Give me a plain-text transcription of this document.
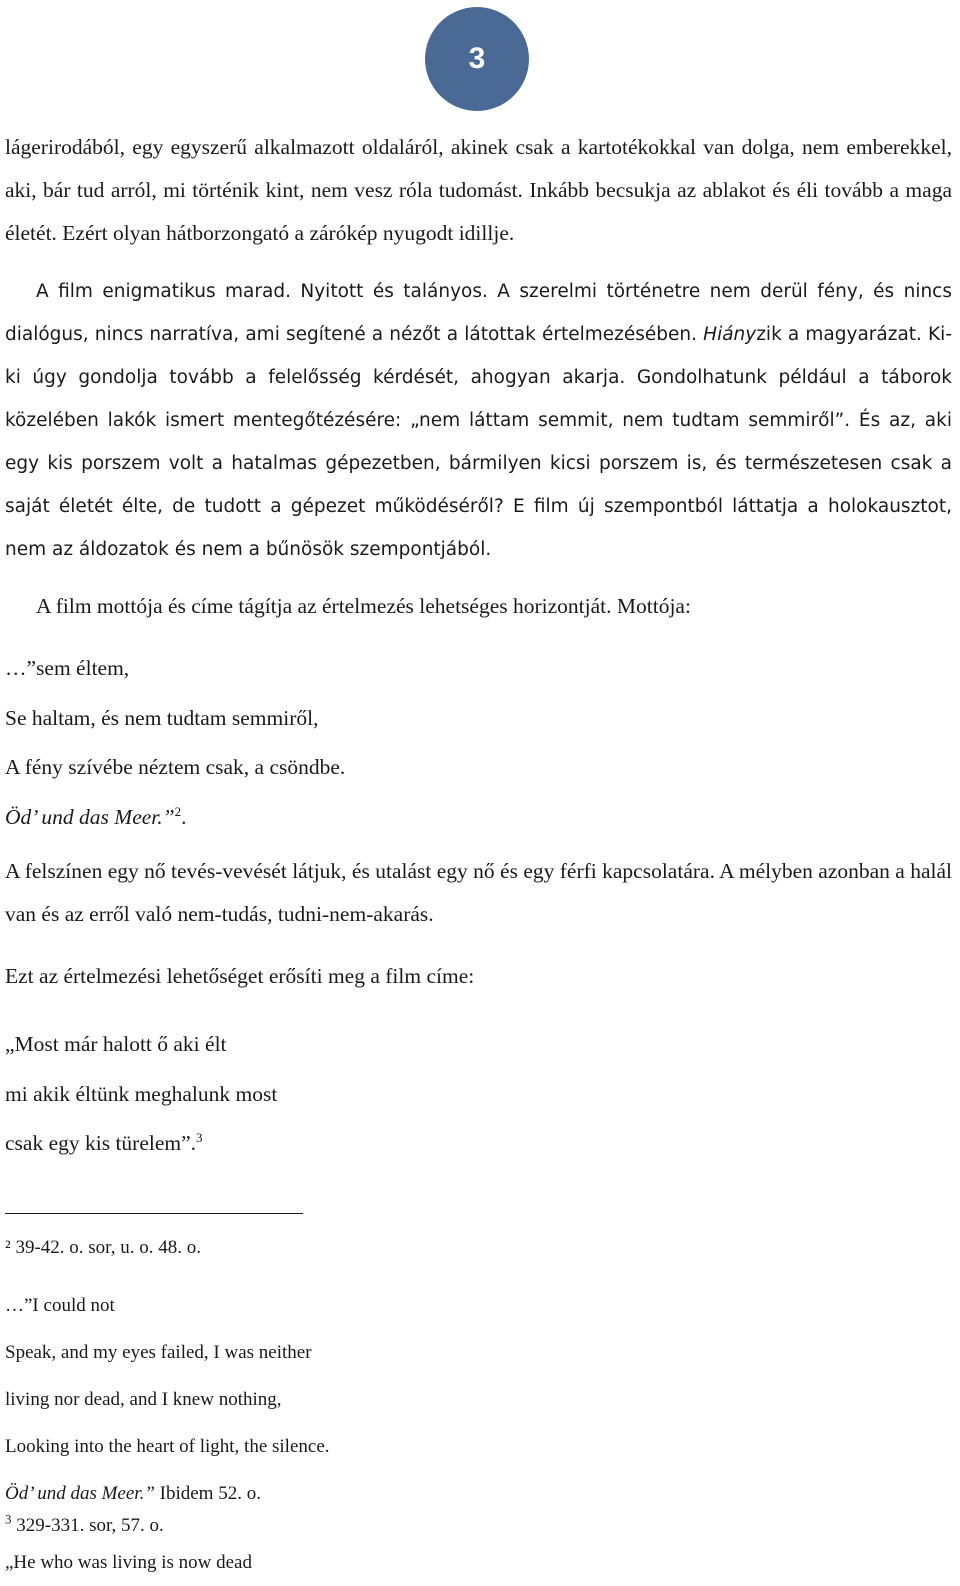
3

lágerirodából, egy egyszerű alkalmazott oldaláról, akinek csak a kartotékokkal van dolga, nem emberekkel, aki, bár tud arról, mi történik kint, nem vesz róla tudomást. Inkább becsukja az ablakot és éli tovább a maga életét. Ezért olyan hátborzongató a zárókép nyugodt idillje.

A film enigmatikus marad. Nyitott és talányos. A szerelmi történetre nem derül fény, és nincs dialógus, nincs narratíva, ami segítené a nézőt a látottak értelmezésében. Hiányzik a magyarázat. Ki-ki úgy gondolja tovább a felelősség kérdését, ahogyan akarja. Gondolhatunk például a táborok közelében lakók ismert mentegőtézésére: „nem láttam semmit, nem tudtam semmiről”. És az, aki egy kis porszem volt a hatalmas gépezetben, bármilyen kicsi porszem is, és természetesen csak a saját életét élte, de tudott a gépezet működéséről? E film új szempontból láttatja a holokausztot, nem az áldozatok és nem a bűnösök szempontjából.

A film mottója és címe tágítja az értelmezés lehetséges horizontját. Mottója:

…”sem éltem,

Se haltam, és nem tudtam semmiről,

A fény szívébe néztem csak, a csöndbe.

Öd’ und das Meer.”$^2$.

A felszínen egy nő tevés-vevését látjuk, és utalást egy nő és egy férfi kapcsolatára. A mélyben azonban a halál van és az erről való nem-tudás, tudni-nem-akarás.

Ezt az értelmezési lehetőséget erősíti meg a film címe:

„Most már halott ő aki élt

mi akik éltünk meghalunk most

csak egy kis türelem”.$^3$

² 39-42. o. sor, u. o. 48. o.

…”I could not

Speak, and my eyes failed, I was neither

living nor dead, and I knew nothing,

Looking into the heart of light, the silence.

Öd’ und das Meer.” Ibidem 52. o.

$^3$ 329-331. sor, 57. o.

„He who was living is now dead
